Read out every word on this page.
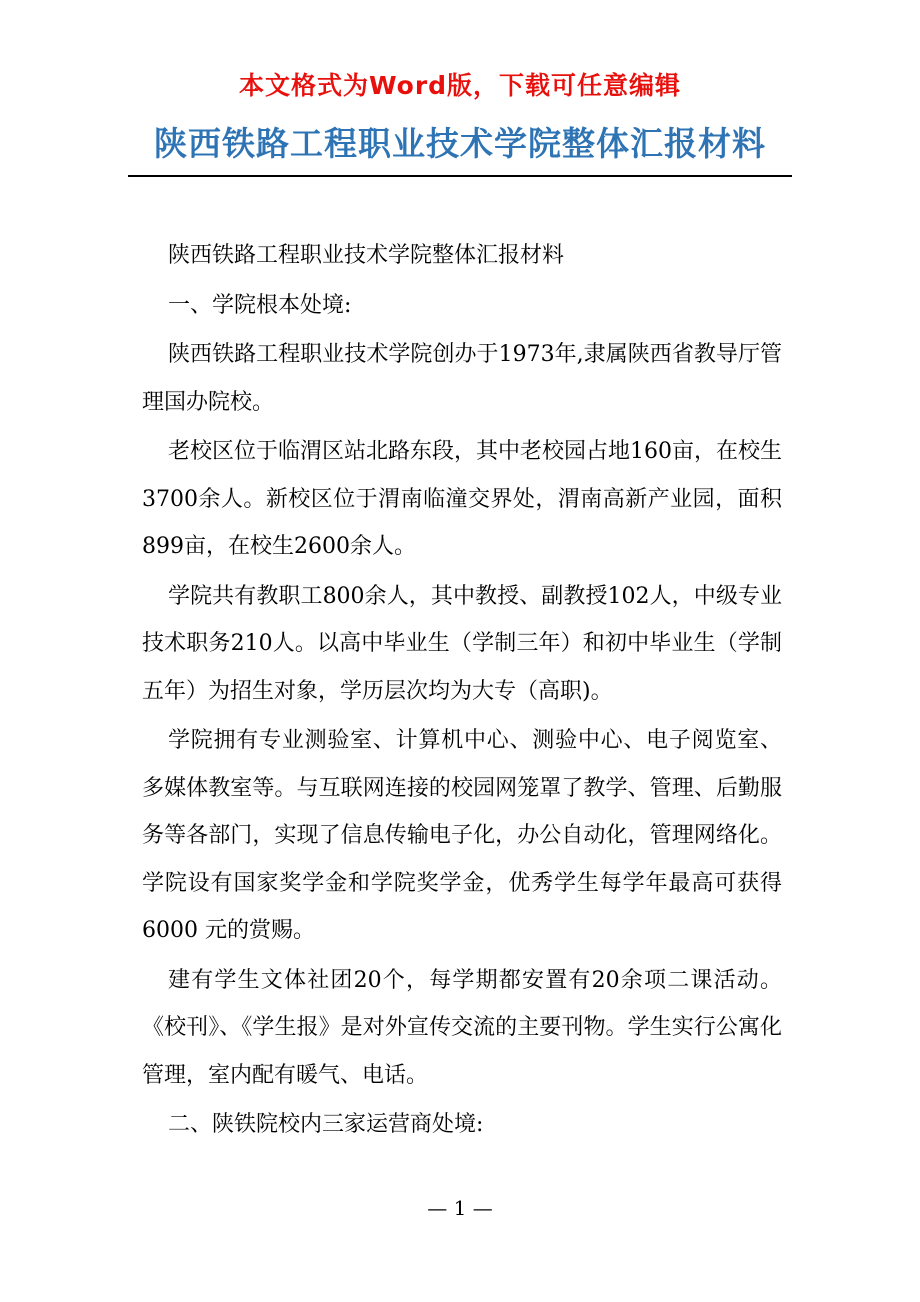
本文格式为Word版，下载可任意编辑
陕西铁路工程职业技术学院整体汇报材料

陕西铁路工程职业技术学院整体汇报材料

一、学院根本处境:

陕西铁路工程职业技术学院创办于1973年,隶属陕西省教导厅管理国办院校。

老校区位于临渭区站北路东段，其中老校园占地160亩，在校生3700余人。新校区位于渭南临潼交界处，渭南高新产业园，面积899亩，在校生2600余人。

学院共有教职工800余人，其中教授、副教授102人，中级专业技术职务210人。以高中毕业生（学制三年）和初中毕业生（学制五年）为招生对象，学历层次均为大专（高职)。

学院拥有专业测验室、计算机中心、测验中心、电子阅览室、多媒体教室等。与互联网连接的校园网笼罩了教学、管理、后勤服务等各部门，实现了信息传输电子化，办公自动化，管理网络化。学院设有国家奖学金和学院奖学金，优秀学生每学年最高可获得 6000 元的赏赐。

建有学生文体社团20个，每学期都安置有20余项二课活动。《校刊》、《学生报》是对外宣传交流的主要刊物。学生实行公寓化管理，室内配有暖气、电话。

二、陕铁院校内三家运营商处境:

— 1 —
